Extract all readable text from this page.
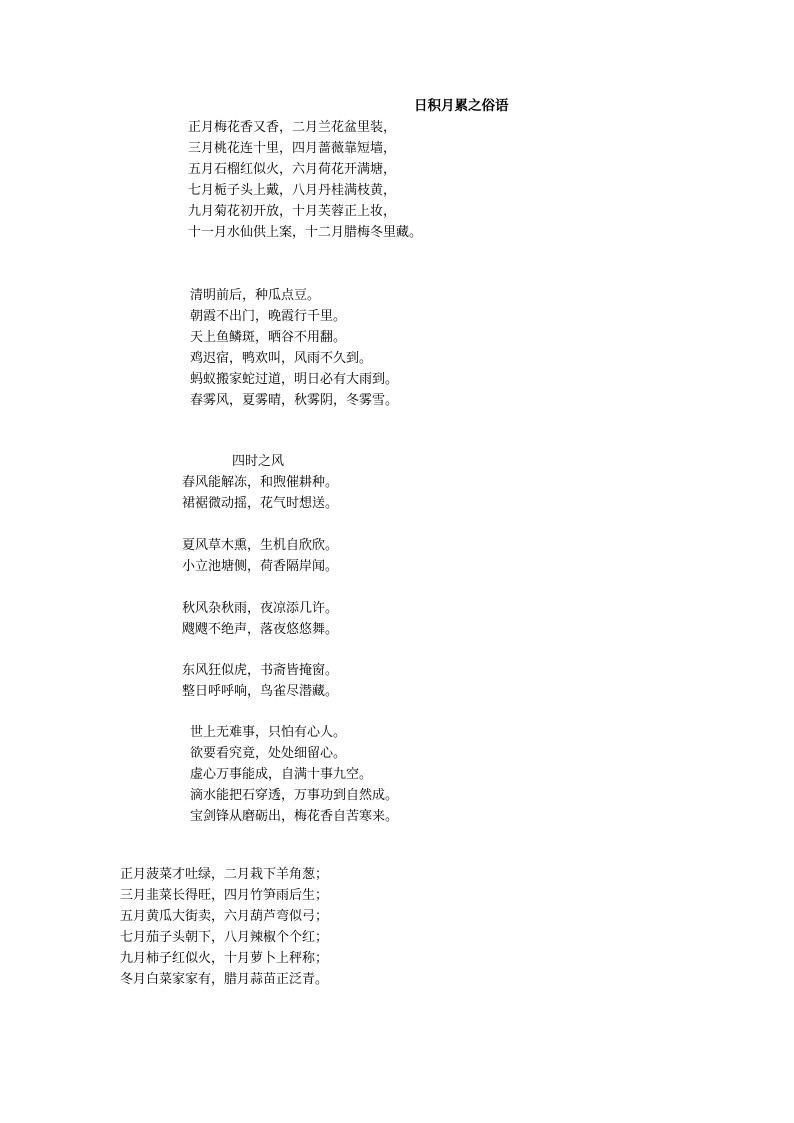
日积月累之俗语
正月梅花香又香，二月兰花盆里装，
三月桃花连十里，四月蔷薇靠短墙，
五月石榴红似火，六月荷花开满塘，
七月栀子头上戴，八月丹桂满枝黄，
九月菊花初开放，十月芙蓉正上妆，
十一月水仙供上案，十二月腊梅冬里藏。
清明前后，种瓜点豆。
朝霞不出门，晚霞行千里。
天上鱼鳞斑，晒谷不用翻。
鸡迟宿，鸭欢叫，风雨不久到。
蚂蚁搬家蛇过道，明日必有大雨到。
春雾风，夏雾晴，秋雾阴，冬雾雪。
四时之风
春风能解冻，和煦催耕种。
裙裾微动摇，花气时想送。
夏风草木熏，生机自欣欣。
小立池塘侧，荷香隔岸闻。
秋风杂秋雨，夜凉添几许。
飕飕不绝声，落夜悠悠舞。
东风狂似虎，书斋皆掩窗。
整日呼呼响，鸟雀尽潜藏。
世上无难事，只怕有心人。
欲要看究竟，处处细留心。
虚心万事能成，自满十事九空。
滴水能把石穿透，万事功到自然成。
宝剑锋从磨砺出，梅花香自苦寒来。
正月菠菜才吐绿，二月栽下羊角葱；
三月韭菜长得旺，四月竹笋雨后生；
五月黄瓜大街卖，六月葫芦弯似弓；
七月茄子头朝下，八月辣椒个个红；
九月柿子红似火，十月萝卜上秤称；
冬月白菜家家有，腊月蒜苗正泛青。
